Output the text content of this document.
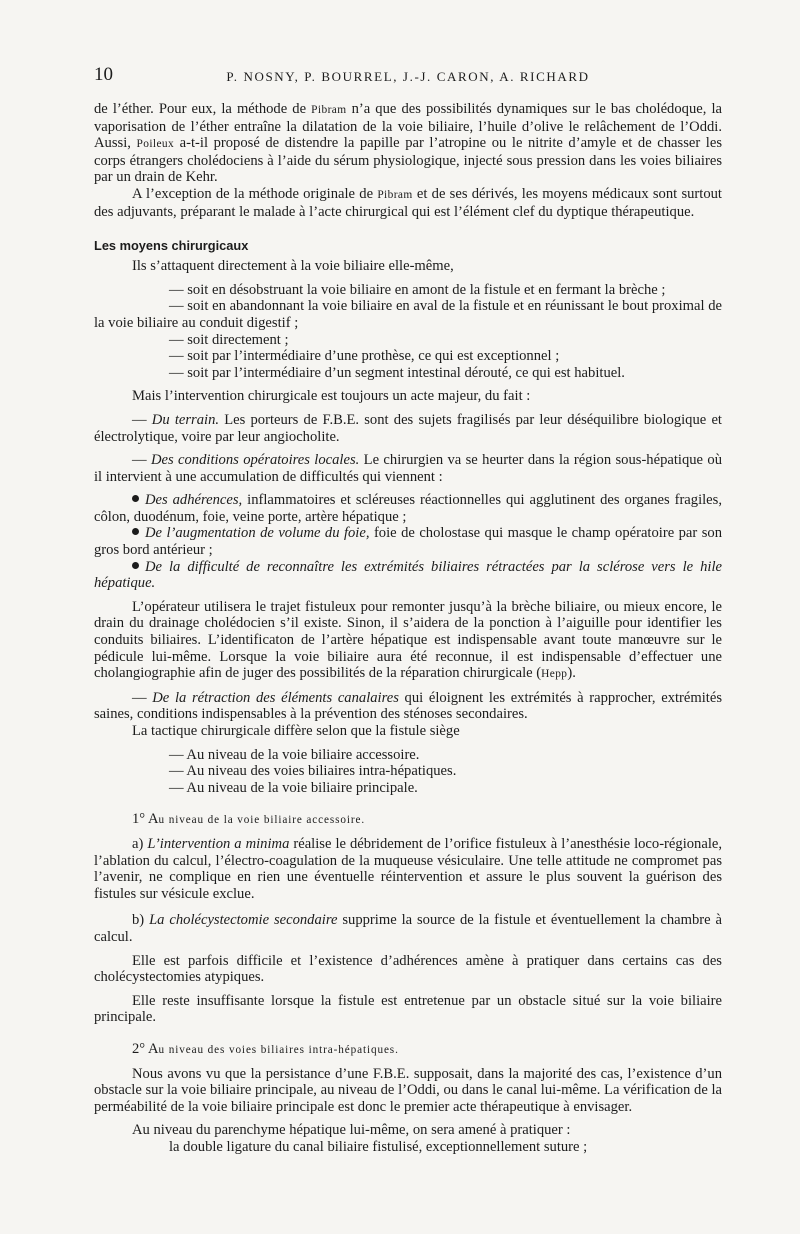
10	P. NOSNY, P. BOURREL, J.-J. CARON, A. RICHARD

de l’éther. Pour eux, la méthode de Pibram n’a que des possibilités dynamiques sur le bas cholédoque, la vaporisation de l’éther entraîne la dilatation de la voie biliaire, l’huile d’olive le relâchement de l’Oddi. Aussi, Poileux a-t-il proposé de distendre la papille par l’atropine ou le nitrite d’amyle et de chasser les corps étrangers cholédociens à l’aide du sérum physiologique, injecté sous pression dans les voies biliaires par un drain de Kehr.

A l’exception de la méthode originale de Pibram et de ses dérivés, les moyens médicaux sont surtout des adjuvants, préparant le malade à l’acte chirurgical qui est l’élément clef du dyptique thérapeutique.

Les moyens chirurgicaux

Ils s’attaquent directement à la voie biliaire elle-même,

— soit en désobstruant la voie biliaire en amont de la fistule et en fermant la brèche ;

— soit en abandonnant la voie biliaire en aval de la fistule et en réunissant le bout proximal de la voie biliaire au conduit digestif ;

— soit directement ;

— soit par l’intermédiaire d’une prothèse, ce qui est exceptionnel ;

— soit par l’intermédiaire d’un segment intestinal dérouté, ce qui est habituel.

Mais l’intervention chirurgicale est toujours un acte majeur, du fait :

— Du terrain. Les porteurs de F.B.E. sont des sujets fragilisés par leur déséquilibre biologique et électrolytique, voire par leur angiocholite.

— Des conditions opératoires locales. Le chirurgien va se heurter dans la région sous-hépatique où il intervient à une accumulation de difficultés qui viennent :

Des adhérences, inflammatoires et scléreuses réactionnelles qui agglutinent des organes fragiles, côlon, duodénum, foie, veine porte, artère hépatique ;

De l’augmentation de volume du foie, foie de cholostase qui masque le champ opératoire par son gros bord antérieur ;

De la difficulté de reconnaître les extrémités biliaires rétractées par la sclérose vers le hile hépatique.

L’opérateur utilisera le trajet fistuleux pour remonter jusqu’à la brèche biliaire, ou mieux encore, le drain du drainage cholédocien s’il existe. Sinon, il s’aidera de la ponction à l’aiguille pour identifier les conduits biliaires. L’identificaton de l’artère hépatique est indispensable avant toute manœuvre sur le pédicule lui-même. Lorsque la voie biliaire aura été reconnue, il est indispensable d’effectuer une cholangiographie afin de juger des possibilités de la réparation chirurgicale (Hepp).

— De la rétraction des éléments canalaires qui éloignent les extrémités à rapprocher, extrémités saines, conditions indispensables à la prévention des sténoses secondaires.

La tactique chirurgicale diffère selon que la fistule siège

— Au niveau de la voie biliaire accessoire.

— Au niveau des voies biliaires intra-hépatiques.

— Au niveau de la voie biliaire principale.

1° Au niveau de la voie biliaire accessoire.

a) L’intervention a minima réalise le débridement de l’orifice fistuleux à l’anesthésie loco-régionale, l’ablation du calcul, l’électro-coagulation de la muqueuse vésiculaire. Une telle attitude ne compromet pas l’avenir, ne complique en rien une éventuelle réintervention et assure le plus souvent la guérison des fistules sur vésicule exclue.

b) La cholécystectomie secondaire supprime la source de la fistule et éventuellement la chambre à calcul.

Elle est parfois difficile et l’existence d’adhérences amène à pratiquer dans certains cas des cholécystectomies atypiques.

Elle reste insuffisante lorsque la fistule est entretenue par un obstacle situé sur la voie biliaire principale.

2° Au niveau des voies biliaires intra-hépatiques.

Nous avons vu que la persistance d’une F.B.E. supposait, dans la majorité des cas, l’existence d’un obstacle sur la voie biliaire principale, au niveau de l’Oddi, ou dans le canal lui-même. La vérification de la perméabilité de la voie biliaire principale est donc le premier acte thérapeutique à envisager.

Au niveau du parenchyme hépatique lui-même, on sera amené à pratiquer :

la double ligature du canal biliaire fistulisé, exceptionnellement suture ;
